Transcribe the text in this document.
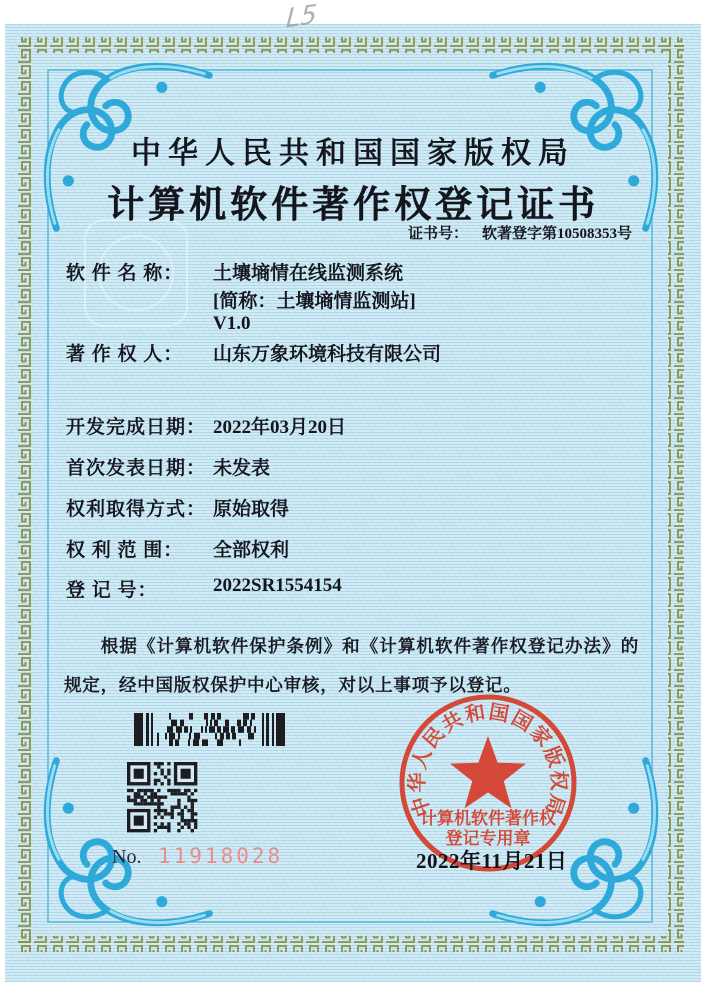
中华人民共和国国家版权局
计算机软件著作权
登记专用章
中华人民共和国国家版权局
计算机软件著作权登记证书
证书号： 软著登字第10508353号
软 件 名 称： 土壤墒情在线监测系统
[简称：土壤墒情监测站]
V1.0
著 作 权 人： 山东万象环境科技有限公司
开发完成日期： 2022年03月20日
首次发表日期： 未发表
权利取得方式： 原始取得
权 利 范 围： 全部权利
登 记 号：	2022SR1554154
根据《计算机软件保护条例》和《计算机软件著作权登记办法》的规定，经中国版权保护中心审核，对以上事项予以登记。
No. 11918028	2022年11月21日
L5
